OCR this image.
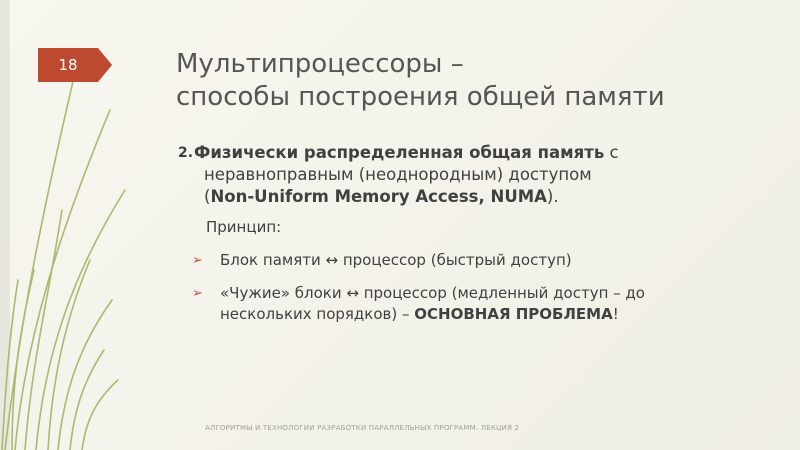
18	Мультипроцессоры –
способы построения общей памяти
2. Физически распределенная общая память с
неравноправным (неоднородным) доступом
(Non-Uniform Memory Access, NUMA).
Принцип:
➢ Блок памяти ↔ процессор (быстрый доступ)
➢ «Чужие» блоки ↔ процессор (медленный доступ – до нескольких порядков) – ОСНОВНАЯ ПРОБЛЕМА!
АЛГОРИТМЫ И ТЕХНОЛОГИИ РАЗРАБОТКИ ПАРАЛЛЕЛЬНЫХ ПРОГРАММ. ЛЕКЦИЯ 2
